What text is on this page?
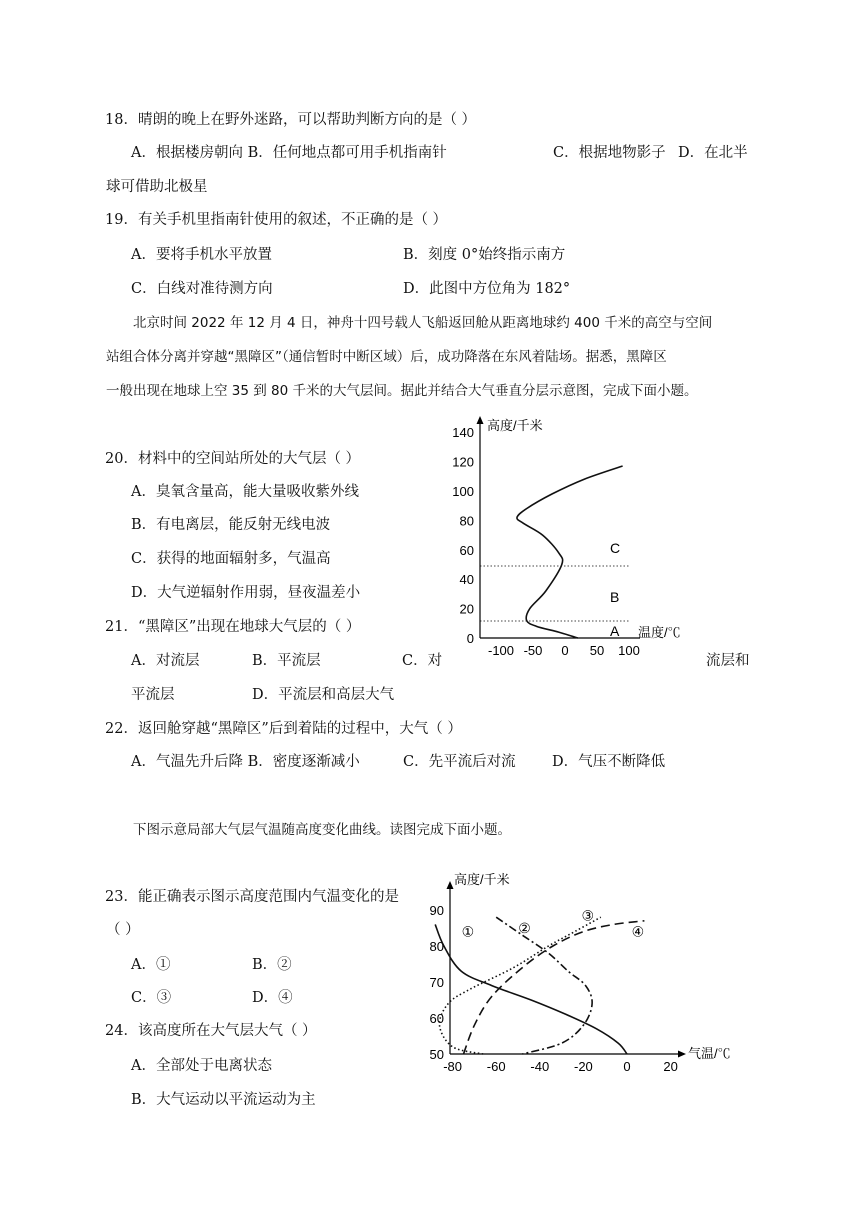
18．晴朗的晚上在野外迷路，可以帮助判断方向的是（ ）
A．根据楼房朝向 B．任何地点都可用手机指南针	C．根据地物影子 D．在北半
球可借助北极星
19．有关手机里指南针使用的叙述，不正确的是（ ）
A．要将手机水平放置	B．刻度 0°始终指示南方
C．白线对准待测方向	D．此图中方位角为 182°
北京时间 2022 年 12 月 4 日，神舟十四号载人飞船返回舱从距离地球约 400 千米的高空与空间
站组合体分离并穿越“黑障区”（通信暂时中断区域）后，成功降落在东风着陆场。据悉，黑障区
一般出现在地球上空 35 到 80 千米的大气层间。据此并结合大气垂直分层示意图，完成下面小题。
20．材料中的空间站所处的大气层（ ）
A．臭氧含量高，能大量吸收紫外线
B．有电离层，能反射无线电波
C．获得的地面辐射多，气温高
D．大气逆辐射作用弱，昼夜温差小
21．“黑障区”出现在地球大气层的（ ）
A．对流层	B．平流层	C．对	流层和
平流层	D．平流层和高层大气
22．返回舱穿越“黑障区”后到着陆的过程中，大气（ ）
A．气温先升后降 B．密度逐渐减小	C．先平流后对流	D．气压不断降低
下图示意局部大气层气温随高度变化曲线。读图完成下面小题。
23．能正确表示图示高度范围内气温变化的是
（ ）
A．①	B．②
C．③	D．④
24．该高度所在大气层大气（ ）
A．全部处于电离状态
B．大气运动以平流运动为主
140
120
100
80
60
40
20
0
-100 -50 0 50 100
高度/千米
温度/℃
C
B
A
90
80
70
60
50
-80 -60 -40 -20 0	20
高度/千米
气温/℃
①	②
③
④
